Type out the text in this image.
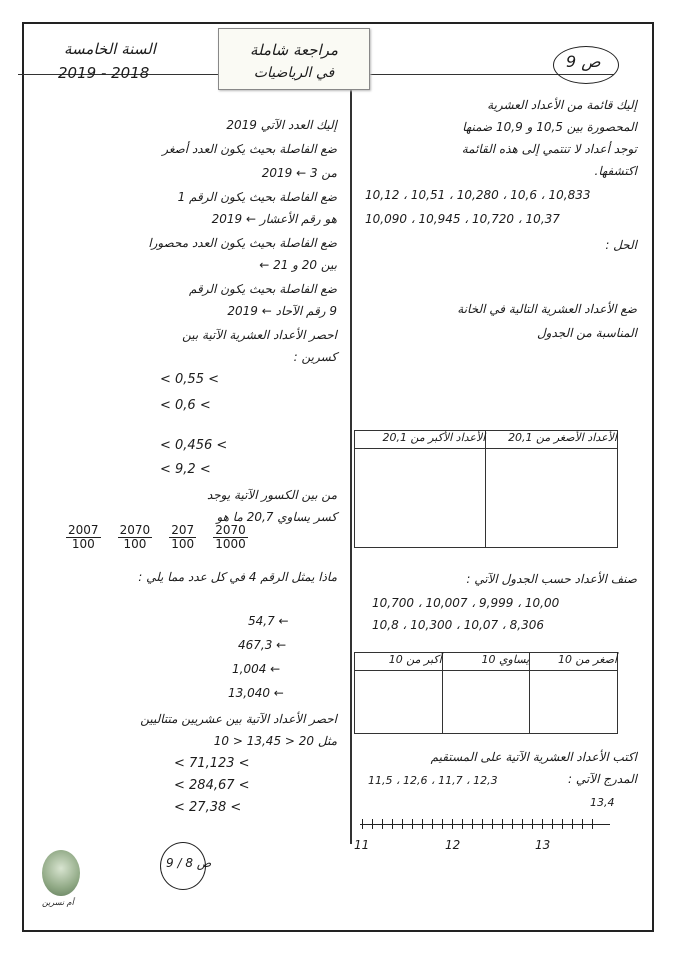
السنة الخامسة
2019 - 2018
مراجعة شاملة
في الرياضيات
ص 9
إليك قائمة من الأعداد العشرية
المحصورة بين 10,5 و 10,9 ضمنها
توجد أعداد لا تنتمي إلى هذه القائمة
اكتشفها.
10,833 ، 10,6 ، 10,280 ، 10,51 ، 10,12
10,37 ، 10,720 ، 10,945 ، 10,090
الحل :
ضع الأعداد العشرية التالية في الخانة
المناسبة من الجدول
الأعداد الأكبر من 20,1	الأعداد الأصغر من 20,1

صنف الأعداد حسب الجدول الآتي :
10,00 ، 9,999 ، 10,007 ، 10,700
8,306 ، 10,07 ، 10,300 ، 10,8
أكبر من 10	يساوي 10	أصغر من 10

اكتب الأعداد العشرية الآتية على المستقيم
المدرج الآتي :
12,3 ، 11,7 ، 12,6 ، 11,5
13,4
11	12	13
إليك العدد الآتي 2019
ضع الفاصلة بحيث يكون العدد أصغر
من 3 ← 2019
ضع الفاصلة بحيث يكون الرقم 1
هو رقم الأعشار ← 2019
ضع الفاصلة بحيث يكون العدد محصورا
بين 20 و 21 ←
ضع الفاصلة بحيث يكون الرقم
9 رقم الآحاد ← 2019
احصر الأعداد العشرية الآتية بين
كسرين :
< 0,55 <
< 0,6 <
< 0,456 <
< 9,2 <
من بين الكسور الآتية يوجد
كسر يساوي 20,7 ما هو
$\frac{2007}{100}$
$\frac{2070}{100}$
$\frac{207}{100}$
$\frac{2070}{1000}$
ماذا يمثل الرقم 4 في كل عدد مما يلي :
54,7 ←
467,3 ←
1,004 ←
13,040 ←
احصر الأعداد الآتية بين عشريين متتاليين
مثل 20 < 13,45 < 10
< 71,123 <
< 284,67 <
< 27,38 <
ص 8 / 9
أم نسرين
